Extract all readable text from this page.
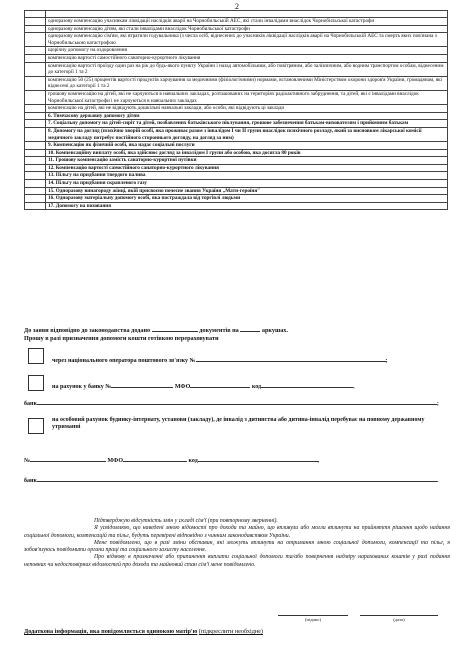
2

	одноразову компенсацію учасникам ліквідації наслідків аварії на Чорнобильській АЕС, які стали інвалідами внаслідок Чорнобильської катастрофи
	одноразову компенсацію дітям, які стали інвалідами внаслідок Чорнобильської катастрофи
	одноразову компенсацію сім'ям, які втратили годувальника (з числа осіб, віднесених до учасників ліквідації наслідків аварії на Чорнобильській АЕС та смерть яких пов'язана з Чорнобильською катастрофою
	щорічну допомогу на оздоровлення
	компенсацію вартості самостійного санаторно-курортного лікування
	компенсацію вартості проїзду один раз на рік до будь-якого пункту України і назад автомобільним, або повітряним, або залізничним, або водним транспортом особам, віднесеним до категорії 1 та 2
	компенсацію 50 (25) процентів вартості продуктів харчування за медичними (фізіологічними) нормами, встановленими Міністерством охорони здоров'я України, громадянам, які віднесені до категорії 1 та 2
	грошову компенсацію на дітей, які не харчуються в навчальних закладах, розташованих на територіях радіоактивного забруднення, та дітей, які є інвалідами внаслідок Чорнобильської катастрофи і не харчуються в навчальних закладах
	компенсацію на дітей, які не відвідують дошкільні навчальні заклади, або особи, які відвідують ці заклади
	6. Тимчасову державну допомогу дітям
	7. Соціальну допомогу на дітей-сиріт та дітей, позбавлених батьківського піклування, грошове забезпечення батькам-вихователям і прийомним батькам
	8. Допомогу на догляд (психічно хворій особі, яка проживає разом з інвалідом І чи ІІ групи внаслідок психічного розладу, який за висновком лікарської комісії медичного закладу потребує постійного стороннього догляду, на догляд за ним)
	9. Компенсацію як фізичній особі, яка надає соціальні послуги
	10. Компенсаційну виплату особі, яка здійснює догляд за інвалідом І групи або особою, яка досягла 80 років
	11. Грошову компенсацію замість санаторно-курортної путівки
	12. Компенсацію вартості самостійного санаторно-курортного лікування
	13. Пільгу на придбання твердого палива
	14. Пільгу на придбання скрапленого газу
	15. Одноразову винагороду жінці, якій присвоєно почесне звання України „Мати-героїня"
	16. Одноразову матеріальну допомогу особі, яка постраждала від торгівлі людьми
	17. Допомогу на поховання
До заяви відповідно до законодавства додано	документів на	аркушах.
Прошу в разі призначення допомоги кошти готівкою перераховувати
через національного оператора поштового зв'язку №	;
на рахунок у банку №	МФО	код	,
банк	;
на особовий рахунок будинку-інтернату, установи (закладу), де інвалід з дитинства або дитина-інвалід перебуває на повному державному утриманні
№	МФО	код	,
банк	.
Підтверджую відсутність змін у складі сім'ї (при повторному зверненні).
Я усвідомлюю, що наведені мною відомості про доходи та майно, що впливули або могли вплинути на прийняття рішення щодо надання соціальної допомоги, компенсацій та пільг, будуть перевірені відповідно з чинним законодавством України.
Мене повідомлено, що в разі зміни обставин, які можуть вплинути на отримання мною соціальної допомоги, компенсації та пільг, я зобов'язуюсь повідомити органи праці та соціального захисту населення.
Про відмову в призначенні або припинення виплати соціальної допомоги та/або повернення надміру нарахованих коштів у разі подання неповних чи недостовірних відомостей про доходи та майновий стан сім'ї мене повідомлено.
(підпис)	(дата)
Додаткова інформація, яка повідомляється одинокою матір'ю (підкреслити необхідне)
